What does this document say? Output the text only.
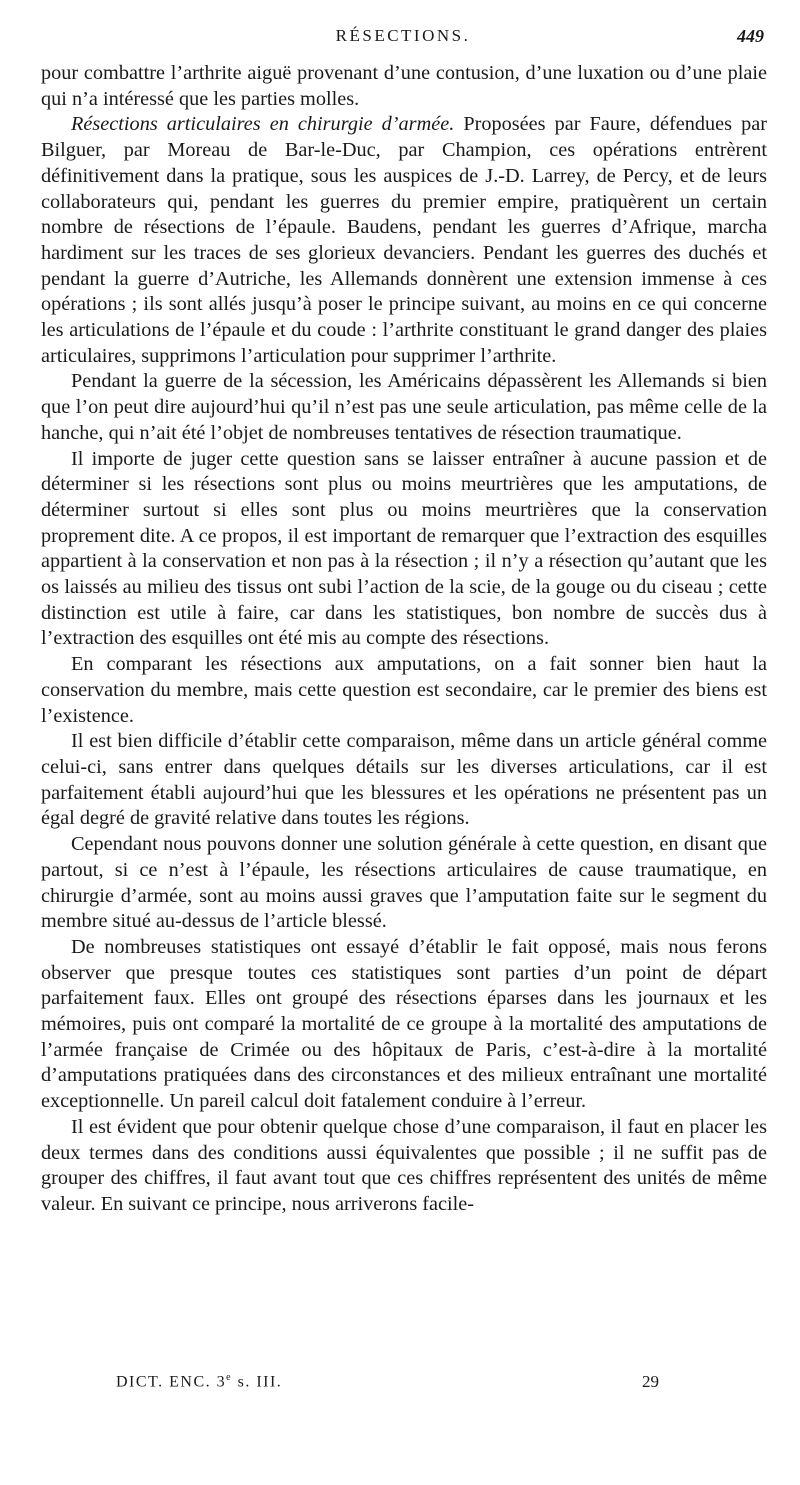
RÉSECTIONS.	449

pour combattre l’arthrite aiguë provenant d’une contusion, d’une luxation ou d’une plaie qui n’a intéressé que les parties molles.

Résections articulaires en chirurgie d’armée. Proposées par Faure, défendues par Bilguer, par Moreau de Bar-le-Duc, par Champion, ces opérations entrèrent définitivement dans la pratique, sous les auspices de J.-D. Larrey, de Percy, et de leurs collaborateurs qui, pendant les guerres du premier empire, pratiquèrent un certain nombre de résections de l’épaule. Baudens, pendant les guerres d’Afrique, marcha hardiment sur les traces de ses glorieux devanciers. Pendant les guerres des duchés et pendant la guerre d’Autriche, les Allemands donnèrent une extension immense à ces opérations ; ils sont allés jusqu’à poser le principe suivant, au moins en ce qui concerne les articulations de l’épaule et du coude : l’arthrite constituant le grand danger des plaies articulaires, supprimons l’articulation pour supprimer l’arthrite.

Pendant la guerre de la sécession, les Américains dépassèrent les Allemands si bien que l’on peut dire aujourd’hui qu’il n’est pas une seule articulation, pas même celle de la hanche, qui n’ait été l’objet de nombreuses tentatives de résection traumatique.

Il importe de juger cette question sans se laisser entraîner à aucune passion et de déterminer si les résections sont plus ou moins meurtrières que les amputations, de déterminer surtout si elles sont plus ou moins meurtrières que la conservation proprement dite. A ce propos, il est important de remarquer que l’extraction des esquilles appartient à la conservation et non pas à la résection ; il n’y a résection qu’autant que les os laissés au milieu des tissus ont subi l’action de la scie, de la gouge ou du ciseau ; cette distinction est utile à faire, car dans les statistiques, bon nombre de succès dus à l’extraction des esquilles ont été mis au compte des résections.

En comparant les résections aux amputations, on a fait sonner bien haut la conservation du membre, mais cette question est secondaire, car le premier des biens est l’existence.

Il est bien difficile d’établir cette comparaison, même dans un article général comme celui-ci, sans entrer dans quelques détails sur les diverses articulations, car il est parfaitement établi aujourd’hui que les blessures et les opérations ne présentent pas un égal degré de gravité relative dans toutes les régions.

Cependant nous pouvons donner une solution générale à cette question, en disant que partout, si ce n’est à l’épaule, les résections articulaires de cause traumatique, en chirurgie d’armée, sont au moins aussi graves que l’amputation faite sur le segment du membre situé au-dessus de l’article blessé.

De nombreuses statistiques ont essayé d’établir le fait opposé, mais nous ferons observer que presque toutes ces statistiques sont parties d’un point de départ parfaitement faux. Elles ont groupé des résections éparses dans les journaux et les mémoires, puis ont comparé la mortalité de ce groupe à la mortalité des amputations de l’armée française de Crimée ou des hôpitaux de Paris, c’est-à-dire à la mortalité d’amputations pratiquées dans des circonstances et des milieux entraînant une mortalité exceptionnelle. Un pareil calcul doit fatalement conduire à l’erreur.

Il est évident que pour obtenir quelque chose d’une comparaison, il faut en placer les deux termes dans des conditions aussi équivalentes que possible ; il ne suffit pas de grouper des chiffres, il faut avant tout que ces chiffres représentent des unités de même valeur. En suivant ce principe, nous arriverons facile-

DICT. ENC. 3e s. III.	29
